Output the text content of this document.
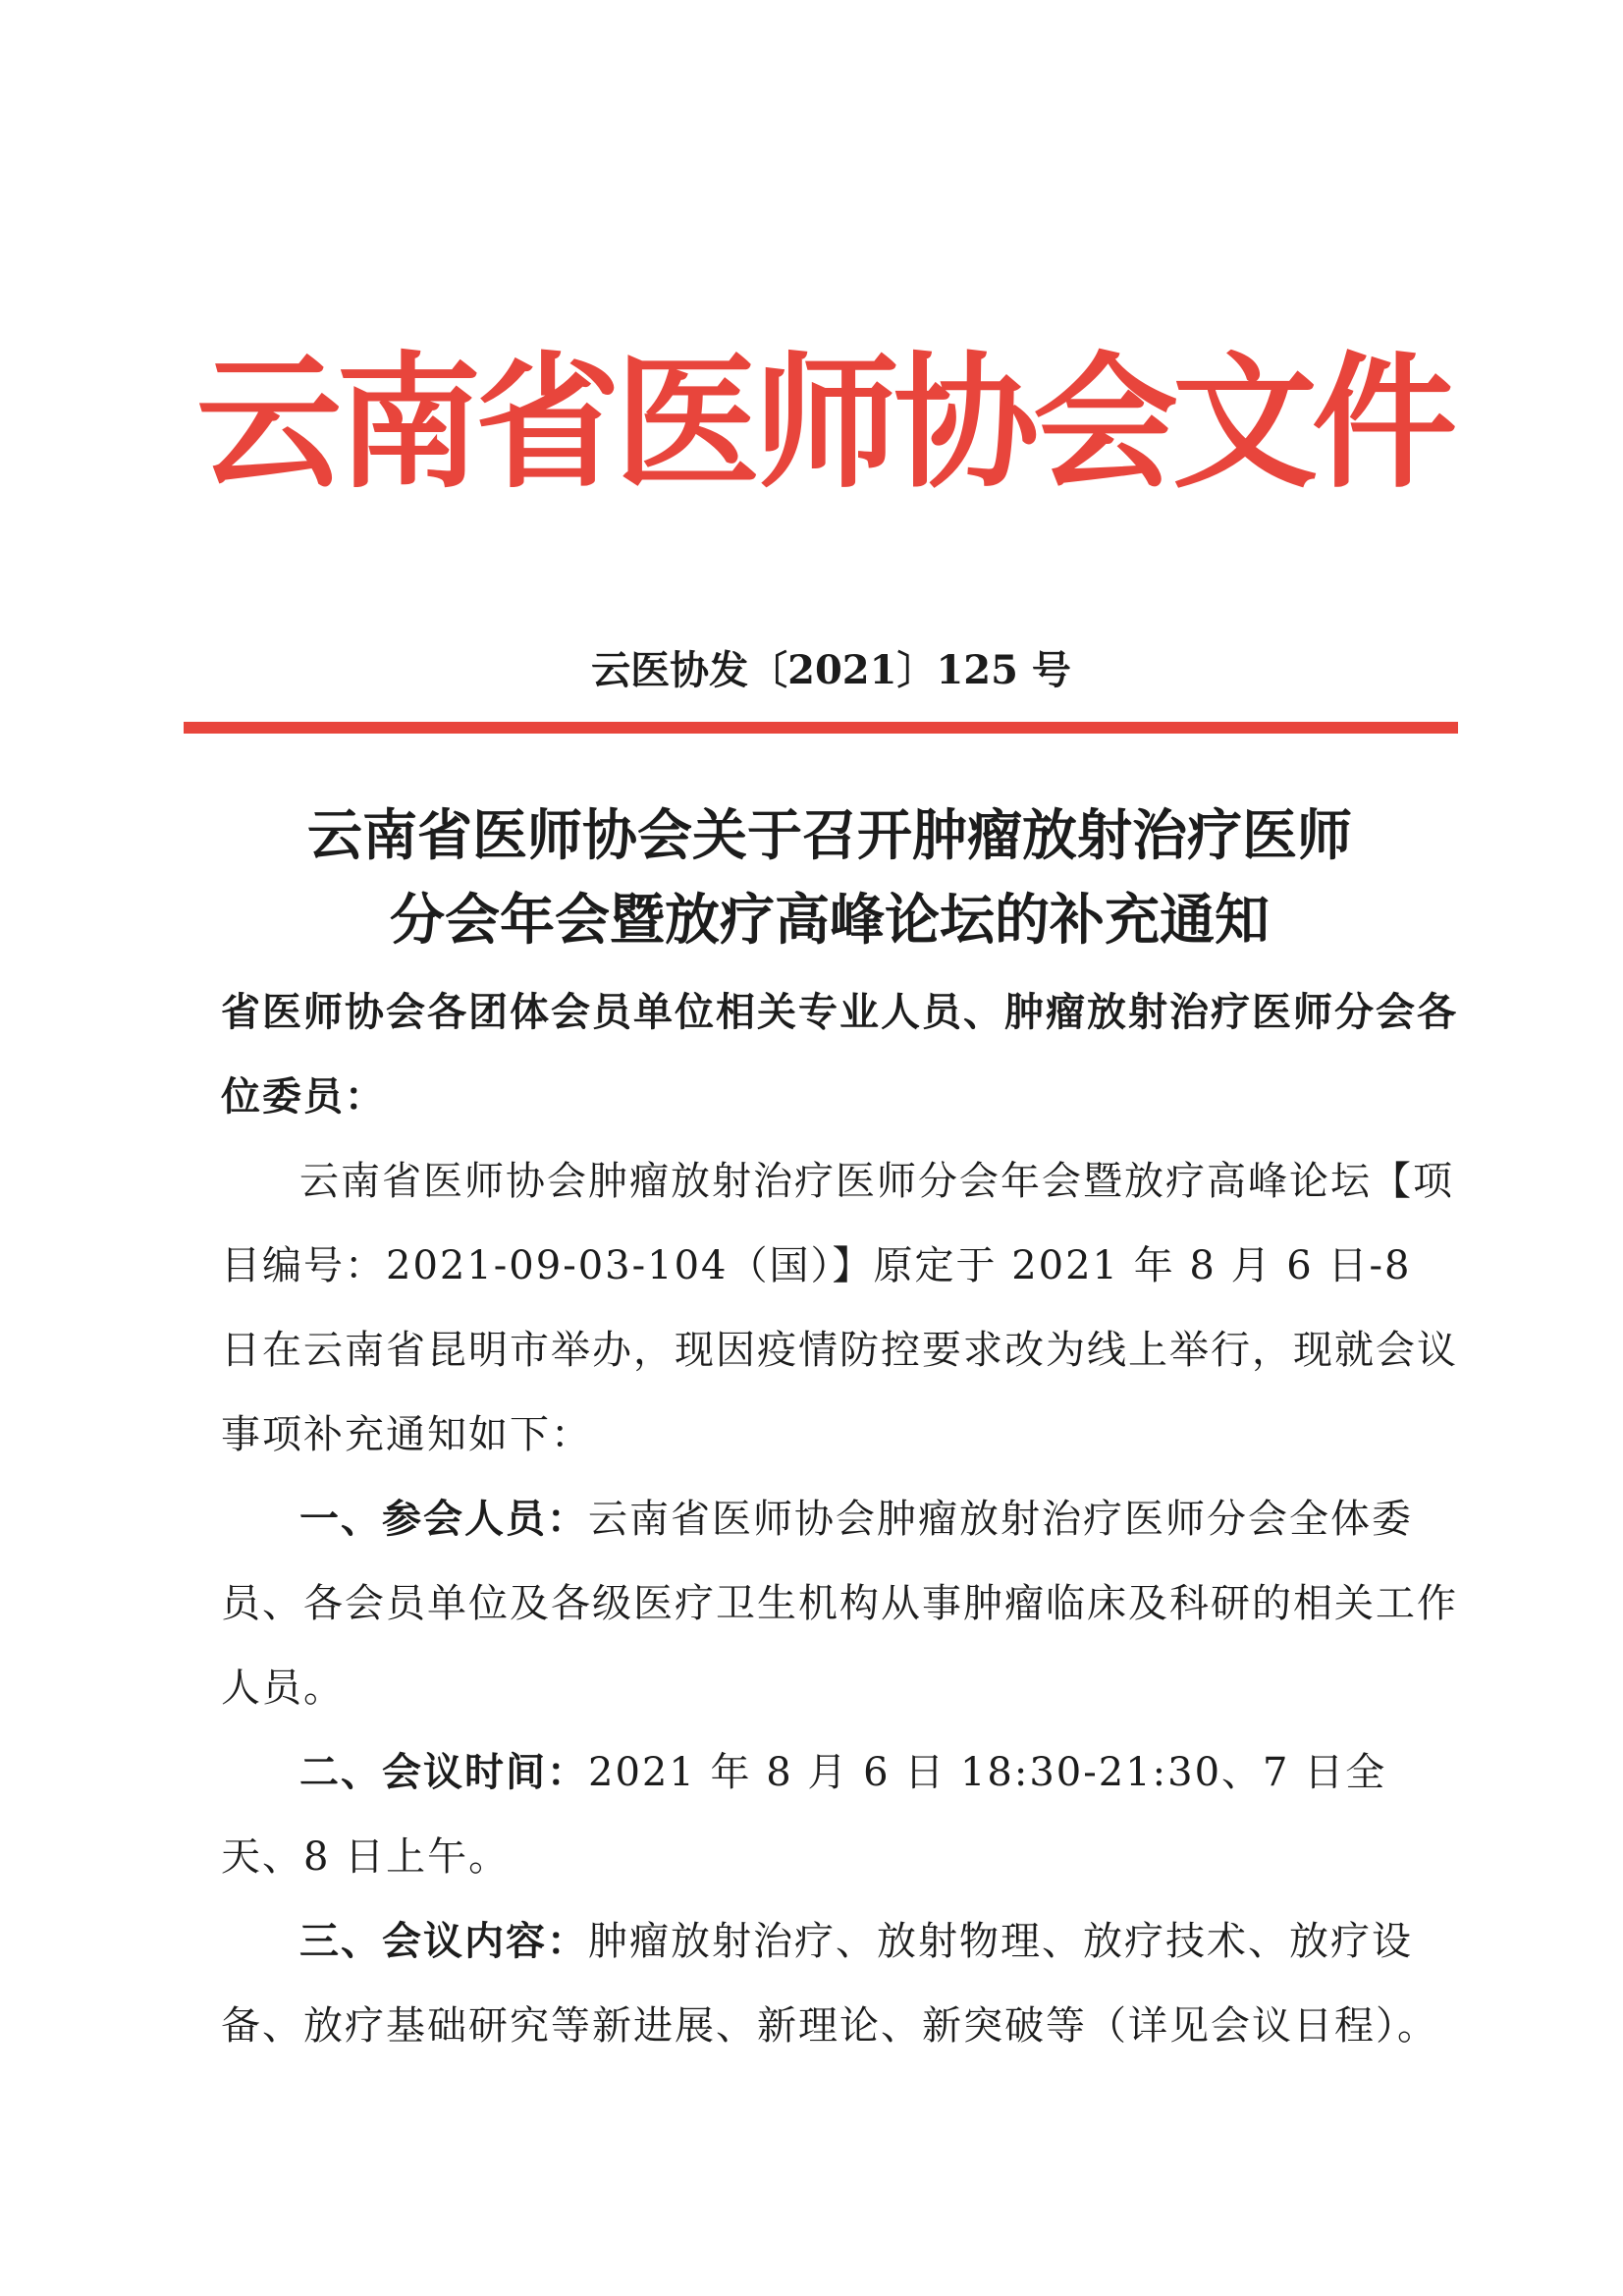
云南省医师协会文件
云医协发〔2021〕125 号
云南省医师协会关于召开肿瘤放射治疗医师
分会年会暨放疗高峰论坛的补充通知

省医师协会各团体会员单位相关专业人员、肿瘤放射治疗医师分会各位委员：

云南省医师协会肿瘤放射治疗医师分会年会暨放疗高峰论坛【项目编号：2021-09-03-104（国）】原定于 2021 年 8 月 6 日-8 日在云南省昆明市举办，现因疫情防控要求改为线上举行，现就会议事项补充通知如下：

一、参会人员：云南省医师协会肿瘤放射治疗医师分会全体委员、各会员单位及各级医疗卫生机构从事肿瘤临床及科研的相关工作人员。

二、会议时间：2021 年 8 月 6 日 18:30-21:30、7 日全天、8 日上午。

三、会议内容：肿瘤放射治疗、放射物理、放疗技术、放疗设备、放疗基础研究等新进展、新理论、新突破等（详见会议日程）。
